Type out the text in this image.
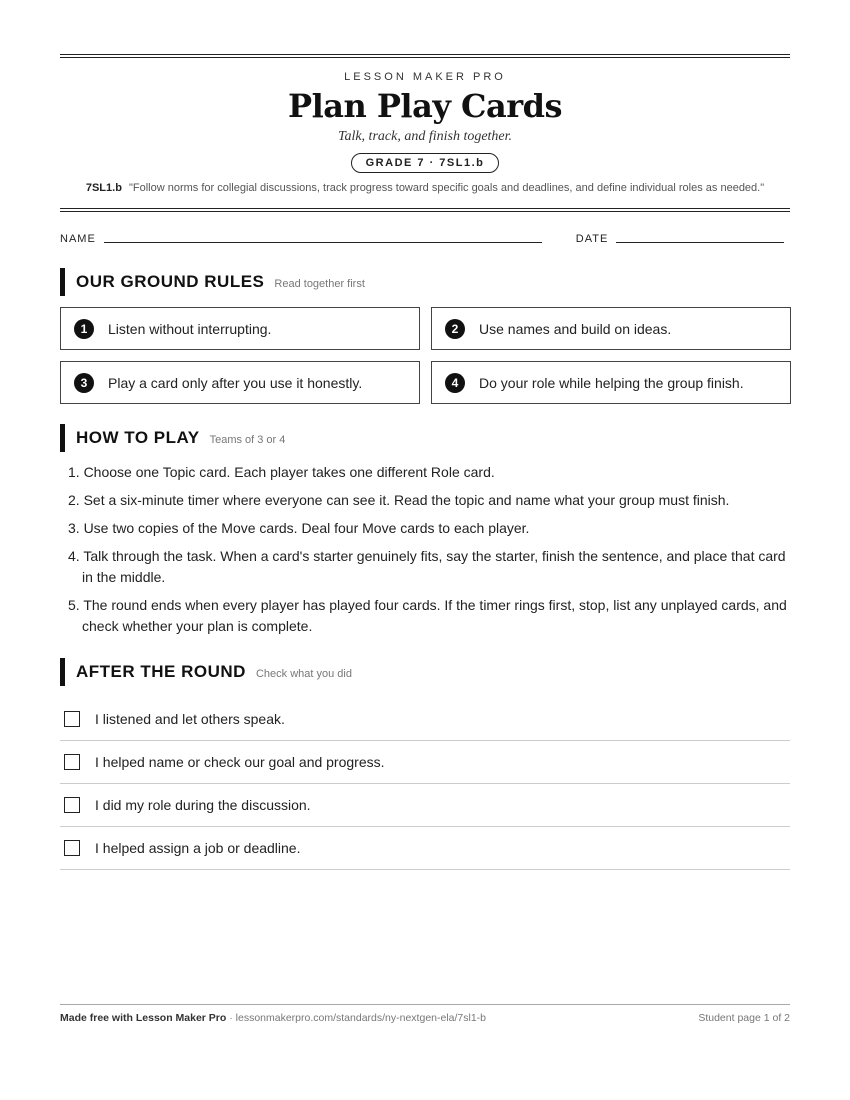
LESSON MAKER PRO
Plan Play Cards
Talk, track, and finish together.
GRADE 7 · 7SL1.b
7SL1.b "Follow norms for collegial discussions, track progress toward specific goals and deadlines, and define individual roles as needed."
NAME	DATE
OUR GROUND RULES Read together first
1	Listen without interrupting.	2	Use names and build on ideas.
3	Play a card only after you use it honestly.	4	Do your role while helping the group finish.
HOW TO PLAY Teams of 3 or 4
1. Choose one Topic card. Each player takes one different Role card.
2. Set a six-minute timer where everyone can see it. Read the topic and name what your group must finish.
3. Use two copies of the Move cards. Deal four Move cards to each player.
4. Talk through the task. When a card's starter genuinely fits, say the starter, finish the sentence, and place that card in the middle.
5. The round ends when every player has played four cards. If the timer rings first, stop, list any unplayed cards, and check whether your plan is complete.
AFTER THE ROUND Check what you did
I listened and let others speak.
I helped name or check our goal and progress.
I did my role during the discussion.
I helped assign a job or deadline.
Made free with Lesson Maker Pro · lessonmakerpro.com/standards/ny-nextgen-ela/7sl1-b	Student page 1 of 2
